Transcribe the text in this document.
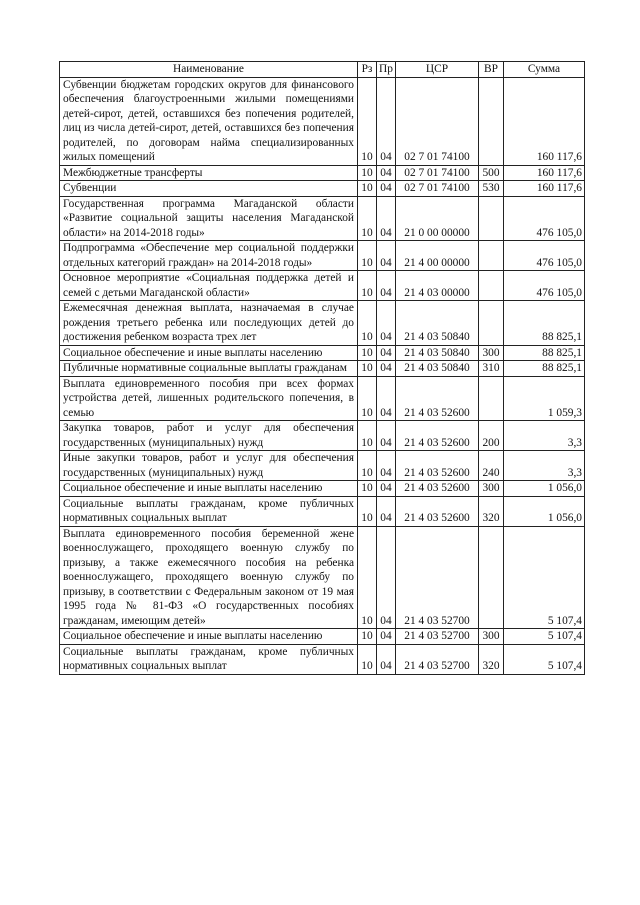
Наименование	Рз	Пр	ЦСР	ВР	Сумма
Субвенции бюджетам городских округов для финансового обеспечения благоустроенными жилыми помещениями детей-сирот, детей, оставшихся без попечения родителей, лиц из числа детей-сирот, детей, оставшихся без попечения родителей, по договорам найма специализированных жилых помещений	10	04	02 7 01 74100		160 117,6
Межбюджетные трансферты	10	04	02 7 01 74100	500	160 117,6
Субвенции	10	04	02 7 01 74100	530	160 117,6
Государственная программа Магаданской области «Развитие социальной защиты населения Магаданской области» на 2014-2018 годы»	10	04	21 0 00 00000		476 105,0
Подпрограмма «Обеспечение мер социальной поддержки отдельных категорий граждан» на 2014-2018 годы»	10	04	21 4 00 00000		476 105,0
Основное мероприятие «Социальная поддержка детей и семей с детьми Магаданской области»	10	04	21 4 03 00000		476 105,0
Ежемесячная денежная выплата, назначаемая в случае рождения третьего ребенка или последующих детей до достижения ребенком возраста трех лет	10	04	21 4 03 50840		88 825,1
Социальное обеспечение и иные выплаты населению	10	04	21 4 03 50840	300	88 825,1
Публичные нормативные социальные выплаты гражданам	10	04	21 4 03 50840	310	88 825,1
Выплата единовременного пособия при всех формах устройства детей, лишенных родительского попечения, в семью	10	04	21 4 03 52600		1 059,3
Закупка товаров, работ и услуг для обеспечения государственных (муниципальных) нужд	10	04	21 4 03 52600	200	3,3
Иные закупки товаров, работ и услуг для обеспечения государственных (муниципальных) нужд	10	04	21 4 03 52600	240	3,3
Социальное обеспечение и иные выплаты населению	10	04	21 4 03 52600	300	1 056,0
Социальные выплаты гражданам, кроме публичных нормативных социальных выплат	10	04	21 4 03 52600	320	1 056,0
Выплата единовременного пособия беременной жене военнослужащего, проходящего военную службу по призыву, а также ежемесячного пособия на ребенка военнослужащего, проходящего военную службу по призыву, в соответствии с Федеральным законом от 19 мая 1995 года № 81-ФЗ «О государственных пособиях гражданам, имеющим детей»	10	04	21 4 03 52700		5 107,4
Социальное обеспечение и иные выплаты населению	10	04	21 4 03 52700	300	5 107,4
Социальные выплаты гражданам, кроме публичных нормативных социальных выплат	10	04	21 4 03 52700	320	5 107,4
